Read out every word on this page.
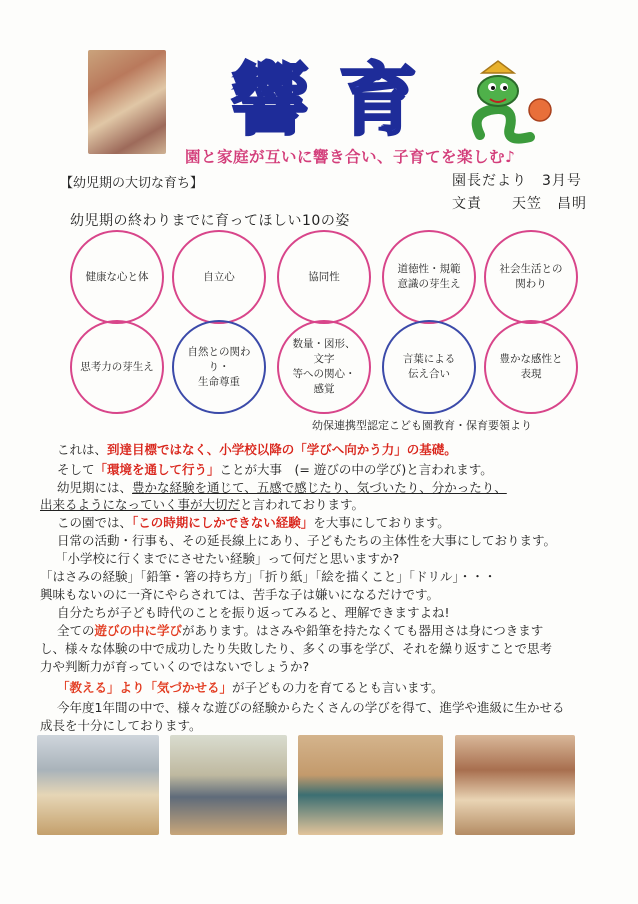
響 育
園と家庭が互いに響き合い、子育てを楽しむ♪
【幼児期の大切な育ち】	園長だより　3月号
文責　　天笠　昌明
幼児期の終わりまでに育ってほしい10の姿
健康な心と体	自立心	協同性
道徳性・規範
意識の芽生え
社会生活との
関わり
思考力の芽生え
自然との関わり・
生命尊重
数量・図形、文字
等への関心・感覚
言葉による
伝え合い
豊かな感性と
表現
幼保連携型認定こども園教育・保育要領より
これは、到達目標ではなく、小学校以降の「学びへ向かう力」の基礎。
そして「環境を通して行う」ことが大事　(= 遊びの中の学び)と言われます。
幼児期には、豊かな経験を通じて、五感で感じたり、気づいたり、分かったり、
出来るようになっていく事が大切だと言われております。
この園では、「この時期にしかできない経験」を大事にしております。
日常の活動・行事も、その延長線上にあり、子どもたちの主体性を大事にしております。
「小学校に行くまでにさせたい経験」って何だと思いますか?
「はさみの経験」「鉛筆・箸の持ち方」「折り紙」「絵を描くこと」「ドリル」・・・
興味もないのに一斉にやらされては、苦手な子は嫌いになるだけです。
自分たちが子ども時代のことを振り返ってみると、理解できますよね!
全ての遊びの中に学びがあります。はさみや鉛筆を持たなくても器用さは身につきます
し、様々な体験の中で成功したり失敗したり、多くの事を学び、それを繰り返すことで思考
力や判断力が育っていくのではないでしょうか?
「教える」より「気づかせる」が子どもの力を育てるとも言います。
今年度1年間の中で、様々な遊びの経験からたくさんの学びを得て、進学や進級に生かせる
成長を十分にしております。
